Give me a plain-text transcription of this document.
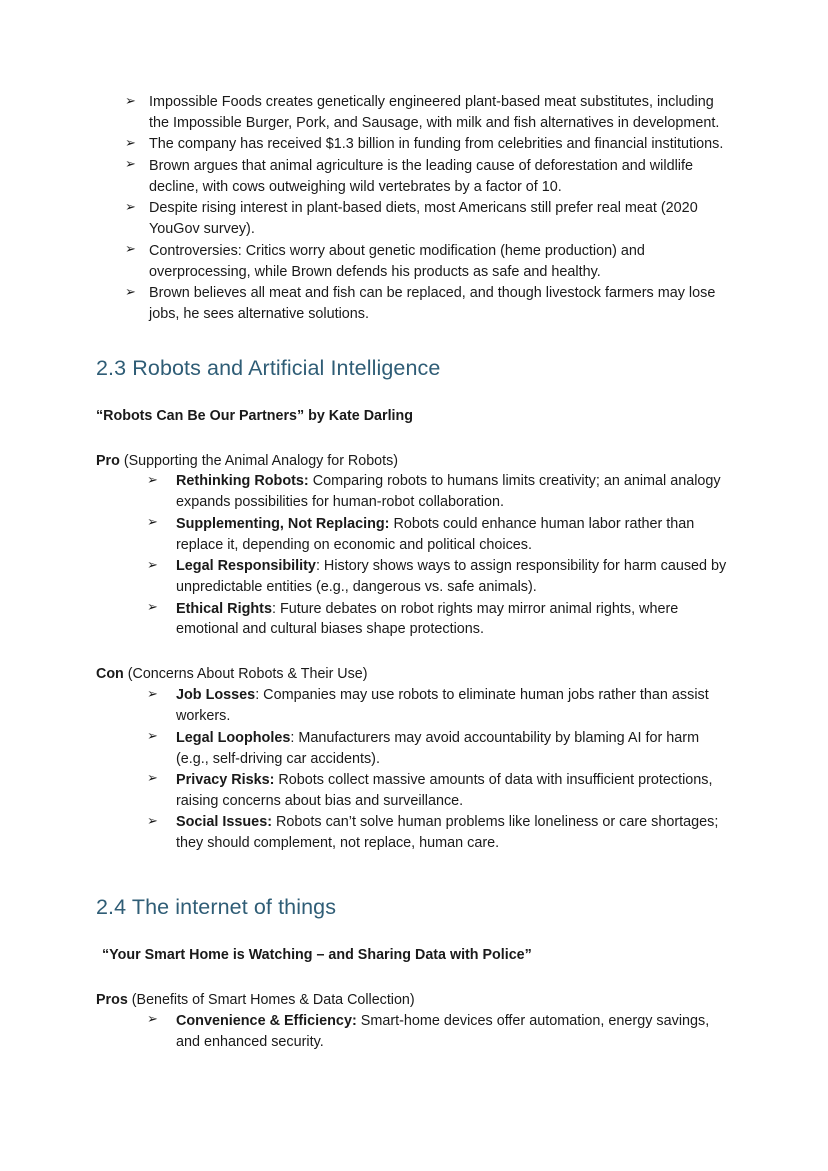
➢ Impossible Foods creates genetically engineered plant-based meat substitutes, including the Impossible Burger, Pork, and Sausage, with milk and fish alternatives in development.
➢ The company has received $1.3 billion in funding from celebrities and financial institutions.
➢ Brown argues that animal agriculture is the leading cause of deforestation and wildlife decline, with cows outweighing wild vertebrates by a factor of 10.
➢ Despite rising interest in plant-based diets, most Americans still prefer real meat (2020 YouGov survey).
➢ Controversies: Critics worry about genetic modification (heme production) and overprocessing, while Brown defends his products as safe and healthy.
➢ Brown believes all meat and fish can be replaced, and though livestock farmers may lose jobs, he sees alternative solutions.
2.3 Robots and Artificial Intelligence

“Robots Can Be Our Partners” by Kate Darling

Pro (Supporting the Animal Analogy for Robots)

➢ Rethinking Robots: Comparing robots to humans limits creativity; an animal analogy expands possibilities for human-robot collaboration.
➢ Supplementing, Not Replacing: Robots could enhance human labor rather than replace it, depending on economic and political choices.
➢ Legal Responsibility: History shows ways to assign responsibility for harm caused by unpredictable entities (e.g., dangerous vs. safe animals).
➢ Ethical Rights: Future debates on robot rights may mirror animal rights, where emotional and cultural biases shape protections.

Con (Concerns About Robots & Their Use)

➢ Job Losses: Companies may use robots to eliminate human jobs rather than assist workers.
➢ Legal Loopholes: Manufacturers may avoid accountability by blaming AI for harm (e.g., self-driving car accidents).
➢ Privacy Risks: Robots collect massive amounts of data with insufficient protections, raising concerns about bias and surveillance.
➢ Social Issues: Robots can’t solve human problems like loneliness or care shortages; they should complement, not replace, human care.
2.4 The internet of things

“Your Smart Home is Watching – and Sharing Data with Police”

Pros (Benefits of Smart Homes & Data Collection)

➢ Convenience & Efficiency: Smart-home devices offer automation, energy savings, and enhanced security.
